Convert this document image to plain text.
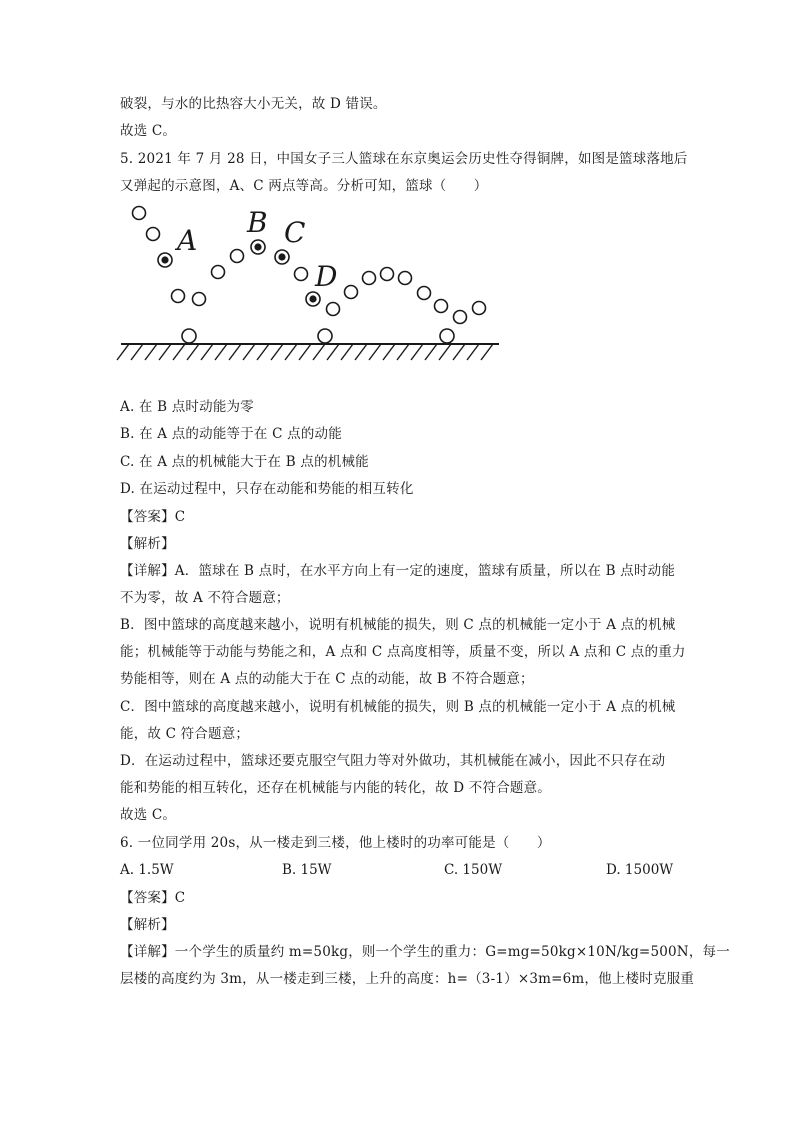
破裂，与水的比热容大小无关，故 D 错误。
故选 C。
5. 2021 年 7 月 28 日，中国女子三人篮球在东京奥运会历史性夺得铜牌，如图是篮球落地后
又弹起的示意图，A、C 两点等高。分析可知，篮球（　　）
A
B C
D
A. 在 B 点时动能为零
B. 在 A 点的动能等于在 C 点的动能
C. 在 A 点的机械能大于在 B 点的机械能
D. 在运动过程中，只存在动能和势能的相互转化
【答案】C
【解析】
【详解】A．篮球在 B 点时，在水平方向上有一定的速度，篮球有质量，所以在 B 点时动能
不为零，故 A 不符合题意；
B．图中篮球的高度越来越小，说明有机械能的损失，则 C 点的机械能一定小于 A 点的机械
能；机械能等于动能与势能之和，A 点和 C 点高度相等，质量不变，所以 A 点和 C 点的重力
势能相等，则在 A 点的动能大于在 C 点的动能，故 B 不符合题意；
C．图中篮球的高度越来越小，说明有机械能的损失，则 B 点的机械能一定小于 A 点的机械
能，故 C 符合题意；
D．在运动过程中，篮球还要克服空气阻力等对外做功，其机械能在减小，因此不只存在动
能和势能的相互转化，还存在机械能与内能的转化，故 D 不符合题意。
故选 C。
6. 一位同学用 20s，从一楼走到三楼，他上楼时的功率可能是（　　）
A. 1.5W	B. 15W	C. 150W	D. 1500W
【答案】C
【解析】
【详解】一个学生的质量约 m=50kg，则一个学生的重力：G=mg=50kg×10N/kg=500N，每一
层楼的高度约为 3m，从一楼走到三楼，上升的高度：h=（3-1）×3m=6m，他上楼时克服重
